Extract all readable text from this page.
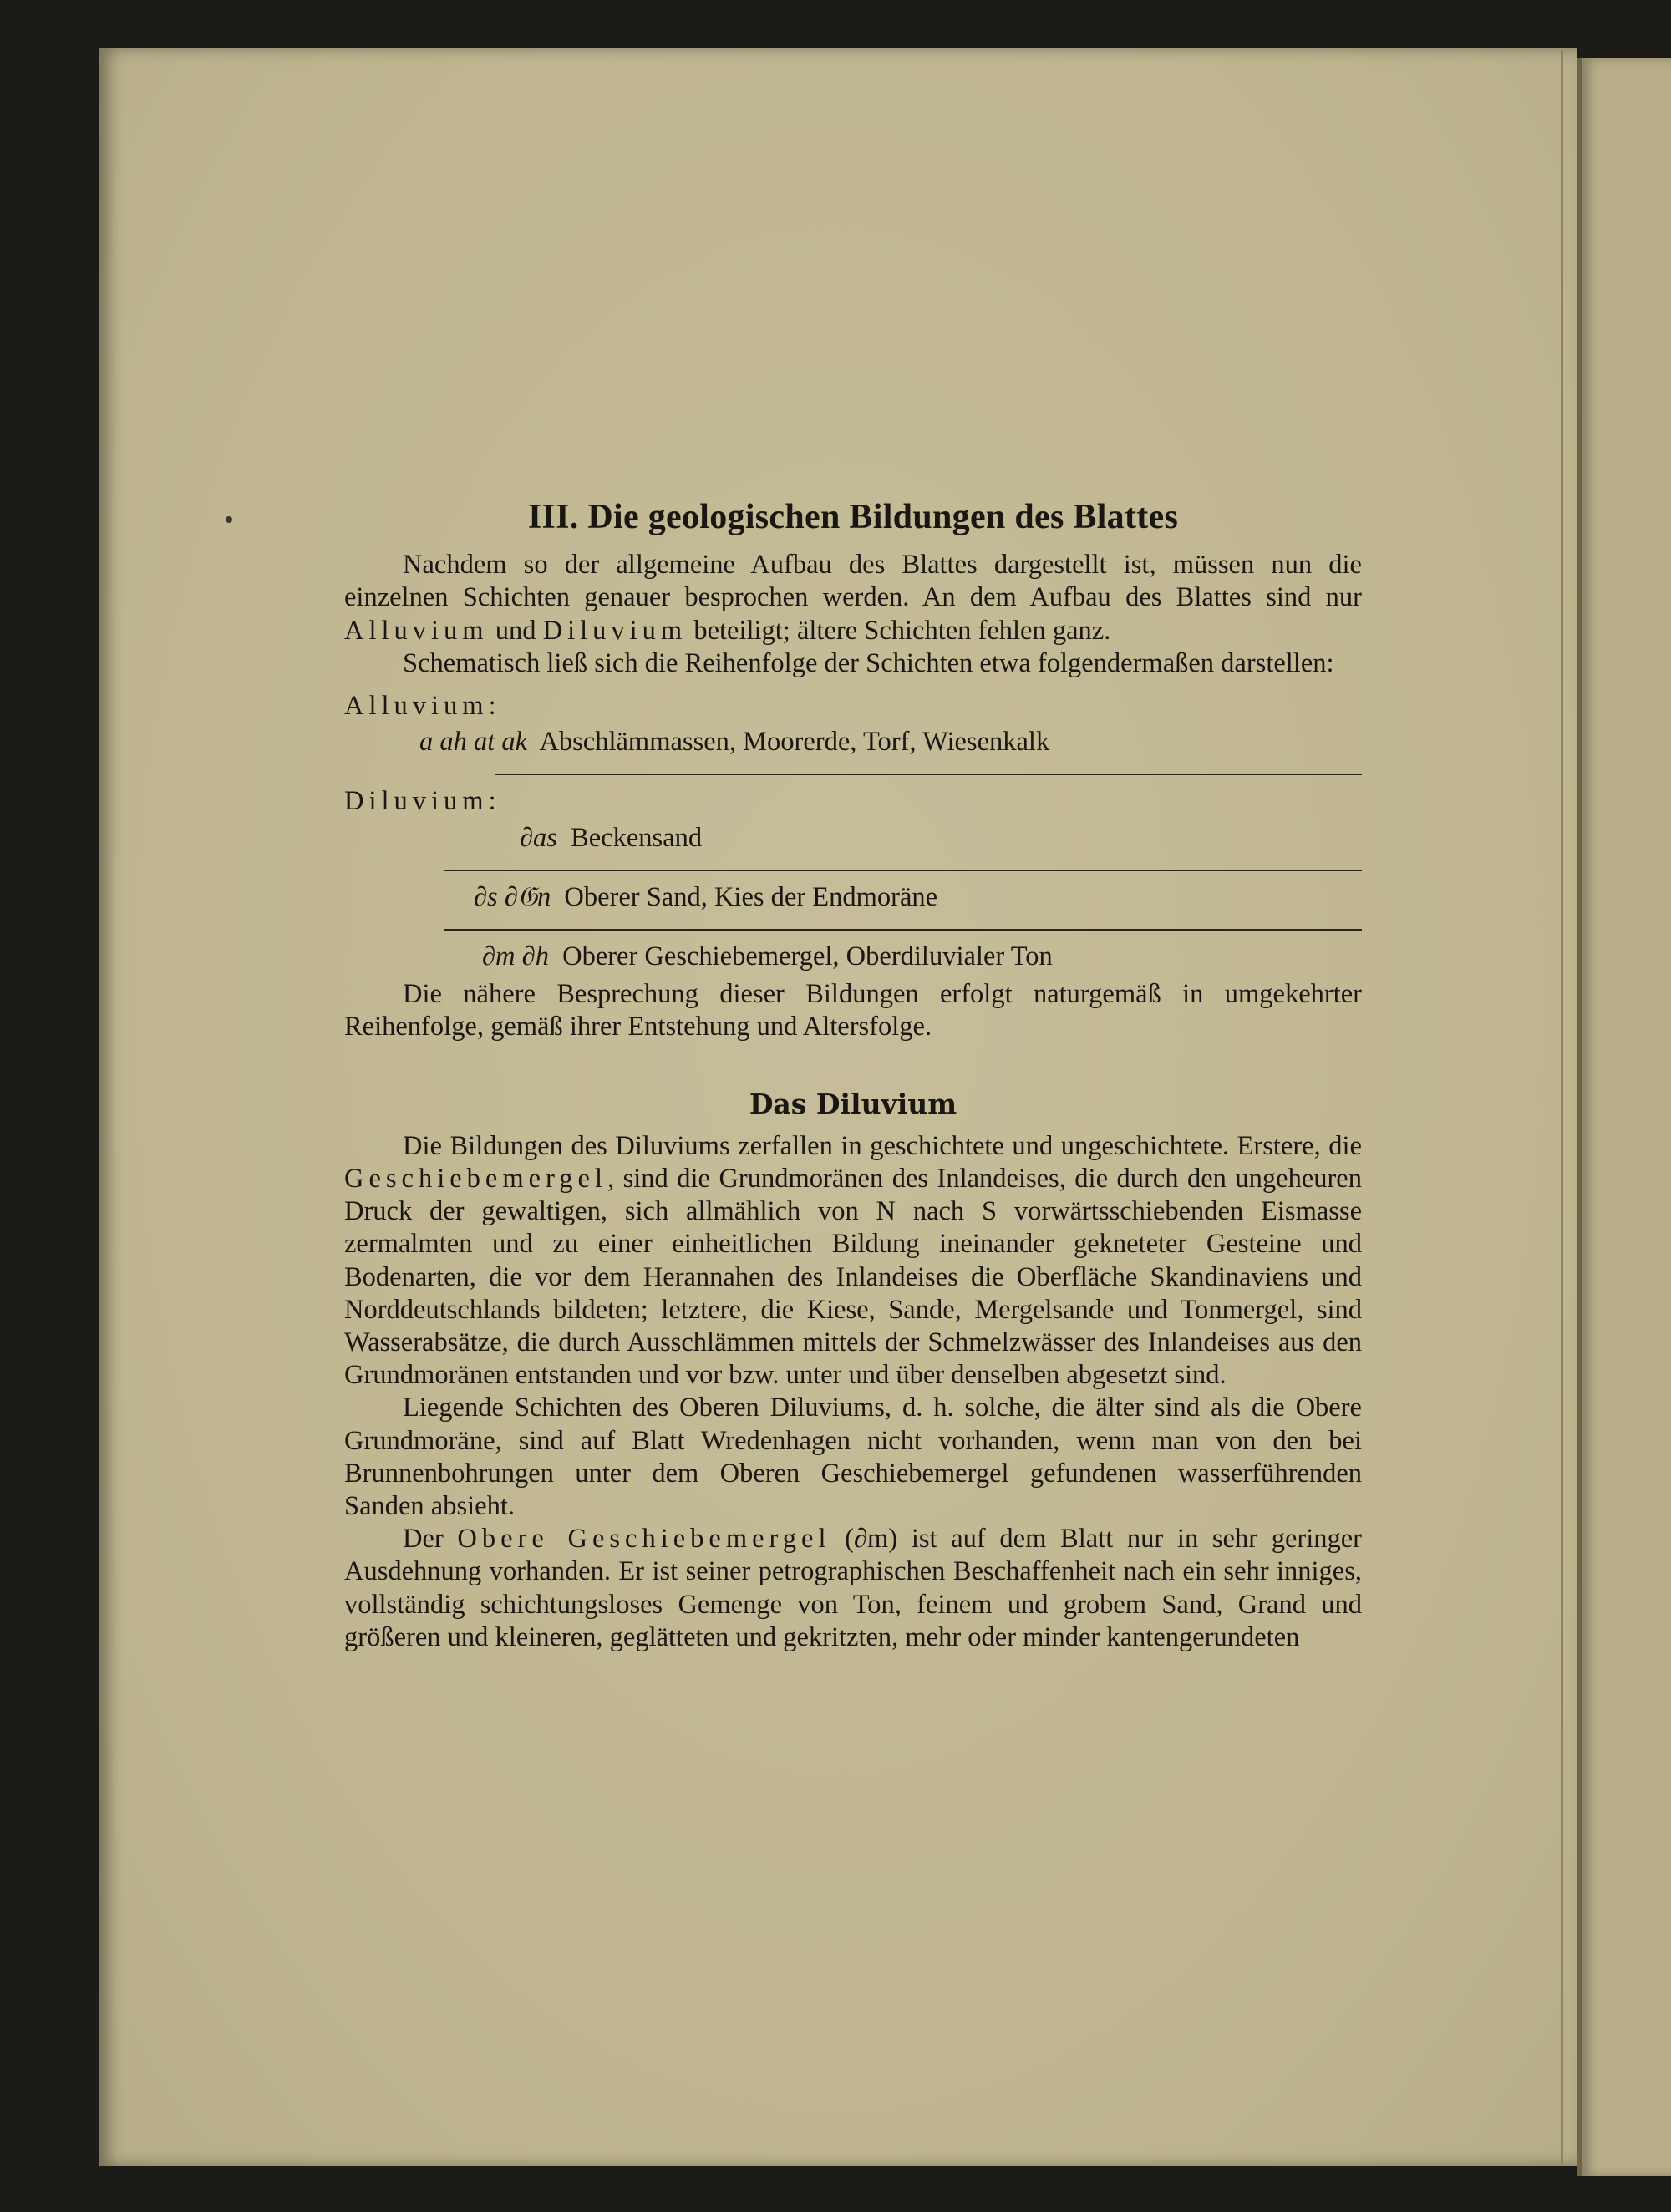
III. Die geologischen Bildungen des Blattes

Nachdem so der allgemeine Aufbau des Blattes dargestellt ist, müssen nun die einzelnen Schichten genauer besprochen werden. An dem Aufbau des Blattes sind nur Alluvium und Diluvium beteiligt; ältere Schichten fehlen ganz.

Schematisch ließ sich die Reihenfolge der Schichten etwa folgendermaßen darstellen:

Alluvium:
a ah at ak Abschlämmassen, Moorerde, Torf, Wiesenkalk
Diluvium:
∂as Beckensand
∂s ∂𝔊n Oberer Sand, Kies der Endmoräne
∂m ∂h Oberer Geschiebemergel, Oberdiluvialer Ton

Die nähere Besprechung dieser Bildungen erfolgt naturgemäß in umgekehrter Reihenfolge, gemäß ihrer Entstehung und Altersfolge.

Das Diluvium

Die Bildungen des Diluviums zerfallen in geschichtete und ungeschichtete. Erstere, die Geschiebemergel, sind die Grundmoränen des Inlandeises, die durch den ungeheuren Druck der gewaltigen, sich allmählich von N nach S vorwärtsschiebenden Eismasse zermalmten und zu einer einheitlichen Bildung ineinander gekneteter Gesteine und Bodenarten, die vor dem Herannahen des Inlandeises die Oberfläche Skandinaviens und Norddeutschlands bildeten; letztere, die Kiese, Sande, Mergelsande und Tonmergel, sind Wasserabsätze, die durch Ausschlämmen mittels der Schmelzwässer des Inlandeises aus den Grundmoränen entstanden und vor bzw. unter und über denselben abgesetzt sind.

Liegende Schichten des Oberen Diluviums, d. h. solche, die älter sind als die Obere Grundmoräne, sind auf Blatt Wredenhagen nicht vorhanden, wenn man von den bei Brunnenbohrungen unter dem Oberen Geschiebemergel gefundenen wasserführenden Sanden absieht.

Der Obere Geschiebemergel (∂m) ist auf dem Blatt nur in sehr geringer Ausdehnung vorhanden. Er ist seiner petrographischen Beschaffenheit nach ein sehr inniges, vollständig schichtungsloses Gemenge von Ton, feinem und grobem Sand, Grand und größeren und kleineren, geglätteten und gekritzten, mehr oder minder kantengerundeten
